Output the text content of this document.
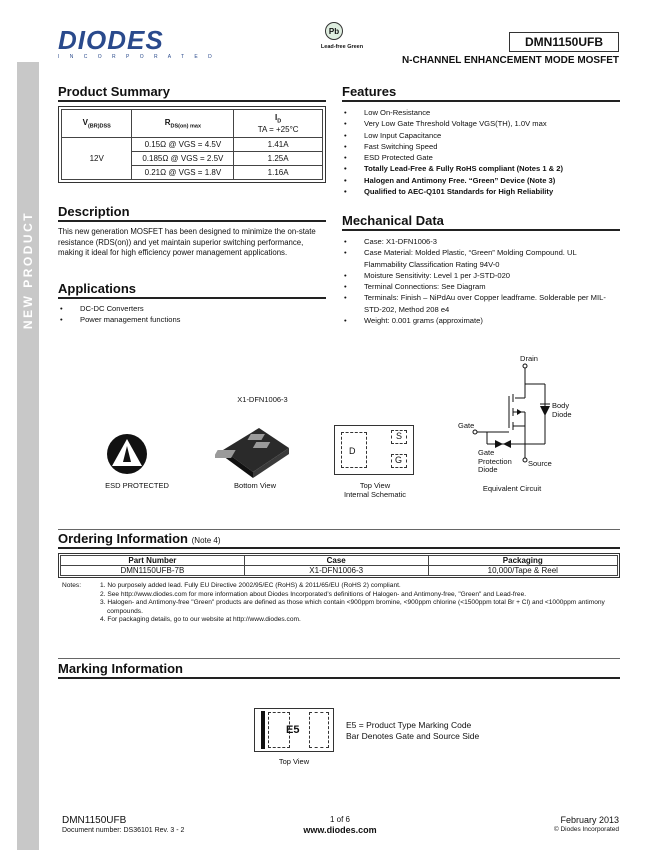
NEW PRODUCT
DIODES
I N C O R P O R A T E D
Pb
Lead-free Green	DMN1150UFB
N-CHANNEL ENHANCEMENT MODE MOSFET
Product Summary
$V_{(BR)DSS}$	$R_{DS(on) max}$	$I_D$
TA = +25°C
12V	0.15Ω @ VGS = 4.5V	1.41A
	0.185Ω @ VGS = 2.5V	1.25A
	0.21Ω @ VGS = 1.8V	1.16A
Description

This new generation MOSFET has been designed to minimize the on-state resistance (RDS(on)) and yet maintain superior switching performance, making it ideal for high efficiency power management applications.

Applications
• DC-DC Converters
• Power management functions
Features
• Low On-Resistance
• Very Low Gate Threshold Voltage VGS(TH), 1.0V max
• Low Input Capacitance
• Fast Switching Speed
• ESD Protected Gate
• Totally Lead-Free & Fully RoHS compliant (Notes 1 & 2)
• Halogen and Antimony Free. “Green” Device (Note 3)
• Qualified to AEC-Q101 Standards for High Reliability
Mechanical Data
• Case: X1-DFN1006-3
• Case Material: Molded Plastic, “Green” Molding Compound. UL Flammability Classification Rating 94V-0
• Moisture Sensitivity: Level 1 per J-STD-020
• Terminal Connections: See Diagram
• Terminals: Finish – NiPdAu over Copper leadframe. Solderable per MIL-STD-202, Method 208 e4
• Weight: 0.001 grams (approximate)
X1-DFN1006-3
ESD PROTECTED	Bottom View
D
S
G
Top View
Internal Schematic
Drain
Gate
Body
Diode
Gate
Protection
Diode
Source
Equivalent Circuit
Ordering Information (Note 4)
Part Number	Case	Packaging
DMN1150UFB-7B	X1-DFN1006-3	10,000/Tape & Reel
Notes:	1. No purposely added lead. Fully EU Directive 2002/95/EC (RoHS) & 2011/65/EU (RoHS 2) compliant.
2. See http://www.diodes.com for more information about Diodes Incorporated’s definitions of Halogen- and Antimony-free, "Green" and Lead-free.
3. Halogen- and Antimony-free "Green" products are defined as those which contain <900ppm bromine, <900ppm chlorine (<1500ppm total Br + Cl) and <1000ppm antimony compounds.
4. For packaging details, go to our website at http://www.diodes.com.
Marking Information
E5	E5 = Product Type Marking Code
Bar Denotes Gate and Source Side
Top View
DMN1150UFB
Document number: DS36101 Rev. 3 - 2
1 of 6
www.diodes.com
February 2013
© Diodes Incorporated
